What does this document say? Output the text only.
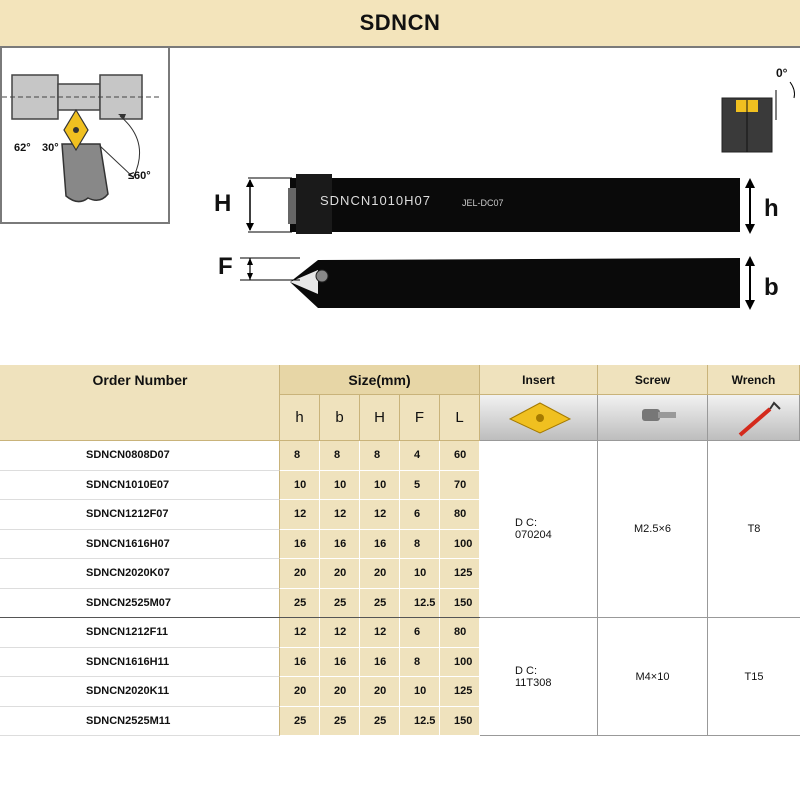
SDNCN
62° 30°
≤60°
SDNCN1010H07	JEL-DC07
H
F
h
b
0°
Order Number	Size(mm)
h	b	H	F	L
Insert	Screw	Wrench
SDNCN0808D07	8	8	8	4	60
SDNCN1010E07	10	10	10	5	70
SDNCN1212F07	12	12	12	6	80
SDNCN1616H07	16	16	16	8	100
SDNCN2020K07	20	20	20	10	125
SDNCN2525M07	25	25	25	12.5	150
D C:
070204	M2.5×6	T8
SDNCN1212F11	12	12	12	6	80
SDNCN1616H11	16	16	16	8	100
SDNCN2020K11	20	20	20	10	125
SDNCN2525M11	25	25	25	12.5	150
D C:
11T308	M4×10	T15
